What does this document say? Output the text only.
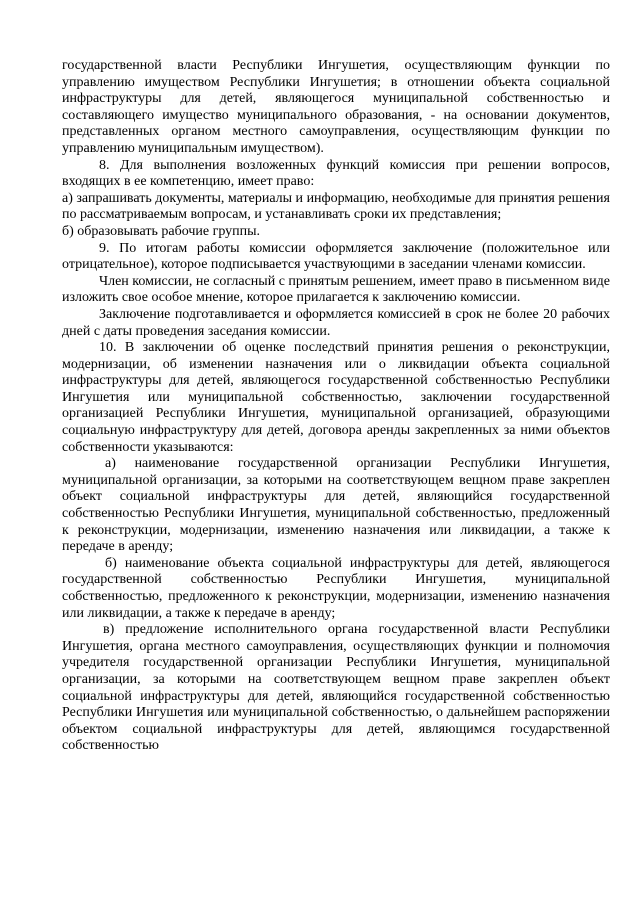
государственной власти Республики Ингушетия, осуществляющим функции по управлению имуществом Республики Ингушетия; в отношении объекта социальной инфраструктуры для детей, являющегося муниципальной собственностью и составляющего имущество муниципального образования, - на основании документов, представленных органом местного самоуправления, осуществляющим функции по управлению муниципальным имуществом).

8. Для выполнения возложенных функций комиссия при решении вопросов, входящих в ее компетенцию, имеет право:

а) запрашивать документы, материалы и информацию, необходимые для принятия решения по рассматриваемым вопросам, и устанавливать сроки их представления;

б) образовывать рабочие группы.

9. По итогам работы комиссии оформляется заключение (положительное или отрицательное), которое подписывается участвующими в заседании членами комиссии.

Член комиссии, не согласный с принятым решением, имеет право в письменном виде изложить свое особое мнение, которое прилагается к заключению комиссии.

Заключение подготавливается и оформляется комиссией в срок не более 20 рабочих дней с даты проведения заседания комиссии.

10. В заключении об оценке последствий принятия решения о реконструкции, модернизации, об изменении назначения или о ликвидации объекта социальной инфраструктуры для детей, являющегося государственной собственностью Республики Ингушетия или муниципальной собственностью, заключении государственной организацией Республики Ингушетия, муниципальной организацией, образующими социальную инфраструктуру для детей, договора аренды закрепленных за ними объектов собственности указываются:

а) наименование государственной организации Республики Ингушетия, муниципальной организации, за которыми на соответствующем вещном праве закреплен объект социальной инфраструктуры для детей, являющийся государственной собственностью Республики Ингушетия, муниципальной собственностью, предложенный к реконструкции, модернизации, изменению назначения или ликвидации, а также к передаче в аренду;

б) наименование объекта социальной инфраструктуры для детей, являющегося государственной собственностью Республики Ингушетия, муниципальной собственностью, предложенного к реконструкции, модернизации, изменению назначения или ликвидации, а также к передаче в аренду;

в) предложение исполнительного органа государственной власти Республики Ингушетия, органа местного самоуправления, осуществляющих функции и полномочия учредителя государственной организации Республики Ингушетия, муниципальной организации, за которыми на соответствующем вещном праве закреплен объект социальной инфраструктуры для детей, являющийся государственной собственностью Республики Ингушетия или муниципальной собственностью, о дальнейшем распоряжении объектом социальной инфраструктуры для детей, являющимся государственной собственностью
